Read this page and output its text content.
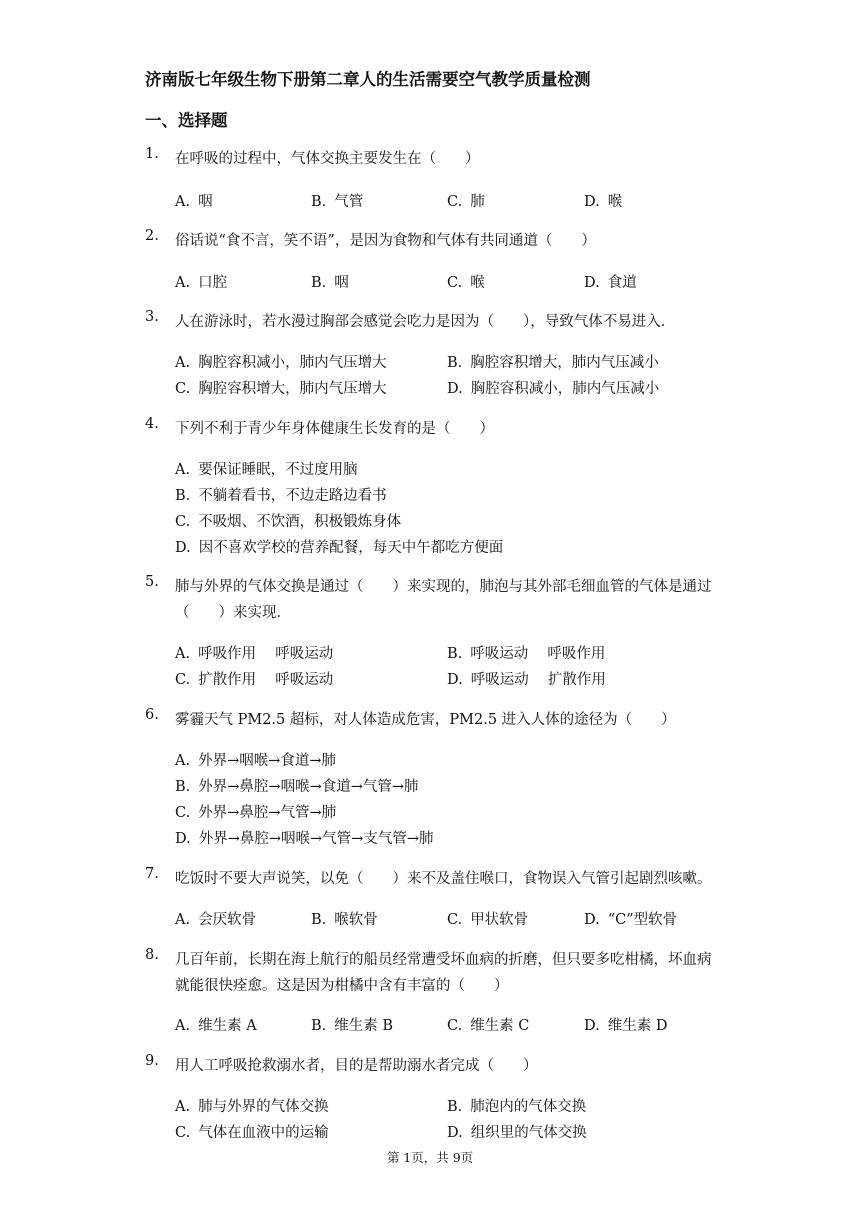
济南版七年级生物下册第二章人的生活需要空气教学质量检测
一、选择题
1. 在呼吸的过程中，气体交换主要发生在（　　）
A. 咽	B. 气管	C. 肺	D. 喉
2. 俗话说“食不言，笑不语”，是因为食物和气体有共同通道（　　）
A. 口腔	B. 咽	C. 喉	D. 食道
3. 人在游泳时，若水漫过胸部会感觉会吃力是因为（　　），导致气体不易进入．
A. 胸腔容积减小，肺内气压增大	B. 胸腔容积增大，肺内气压减小
C. 胸腔容积增大，肺内气压增大	D. 胸腔容积减小，肺内气压减小
4. 下列不利于青少年身体健康生长发育的是（　　）
A. 要保证睡眠，不过度用脑
B. 不躺着看书，不边走路边看书
C. 不吸烟、不饮酒，积极锻炼身体
D. 因不喜欢学校的营养配餐，每天中午都吃方便面
5. 肺与外界的气体交换是通过（　　）来实现的，肺泡与其外部毛细血管的气体是通过（　　）来实现．
A. 呼吸作用　 呼吸运动	B. 呼吸运动　 呼吸作用
C. 扩散作用　 呼吸运动	D. 呼吸运动　 扩散作用
6. 雾霾天气 PM2.5 超标，对人体造成危害，PM2.5 进入人体的途径为（　　）
A. 外界→咽喉→食道→肺
B. 外界→鼻腔→咽喉→食道→气管→肺
C. 外界→鼻腔→气管→肺
D. 外界→鼻腔→咽喉→气管→支气管→肺
7. 吃饭时不要大声说笑，以免（　　）来不及盖住喉口，食物误入气管引起剧烈咳嗽。
A. 会厌软骨	B. 喉软骨	C. 甲状软骨	D. “C”型软骨
8. 几百年前，长期在海上航行的船员经常遭受坏血病的折磨，但只要多吃柑橘，坏血病就能很快痊愈。这是因为柑橘中含有丰富的（　　）
A. 维生素 A	B. 维生素 B	C. 维生素 C	D. 维生素 D
9. 用人工呼吸抢救溺水者，目的是帮助溺水者完成（　　）
A. 肺与外界的气体交换	B. 肺泡内的气体交换
C. 气体在血液中的运输	D. 组织里的气体交换
第 1页，共 9页
